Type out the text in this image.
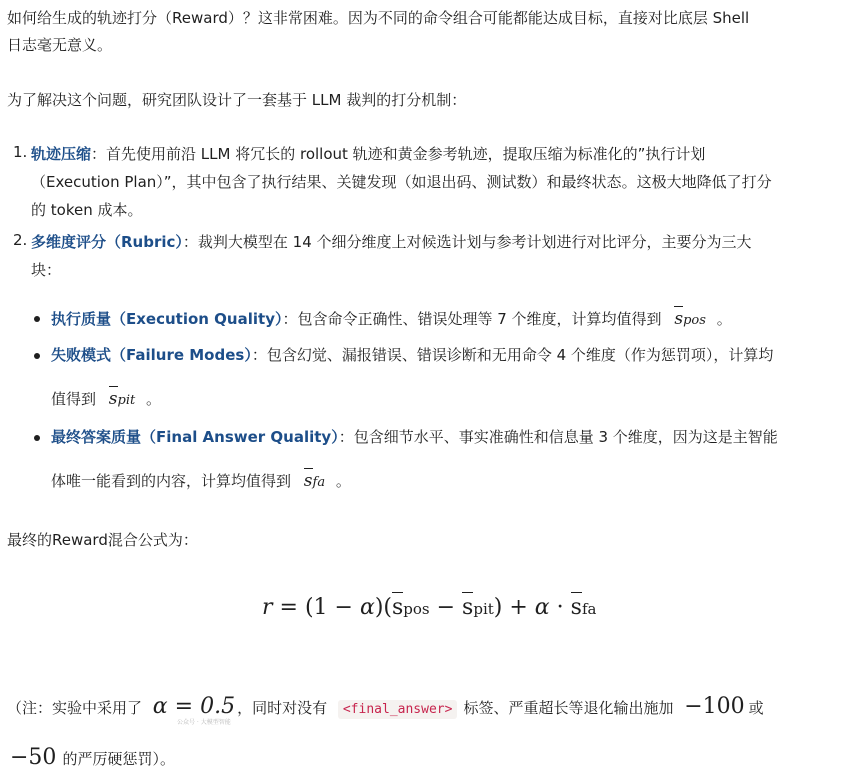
如何给生成的轨迹打分（Reward）？这非常困难。因为不同的命令组合可能都能达成目标，直接对比底层 Shell
日志毫无意义。
为了解决这个问题，研究团队设计了一套基于 LLM 裁判的打分机制：
1. 轨迹压缩：首先使用前沿 LLM 将冗长的 rollout 轨迹和黄金参考轨迹，提取压缩为标准化的”执行计划
（Execution Plan）”，其中包含了执行结果、关键发现（如退出码、测试数）和最终状态。这极大地降低了打分
的 token 成本。
2. 多维度评分（Rubric）：裁判大模型在 14 个细分维度上对候选计划与参考计划进行对比评分，主要分为三大
块：
执行质量（Execution Quality）：包含命令正确性、错误处理等 7 个维度，计算均值得到 spos 。
失败模式（Failure Modes）：包含幻觉、漏报错误、错误诊断和无用命令 4 个维度（作为惩罚项），计算均
值得到 spit 。
最终答案质量（Final Answer Quality）：包含细节水平、事实准确性和信息量 3 个维度，因为这是主智能
体唯一能看到的内容，计算均值得到 sfa 。
最终的Reward混合公式为：
r = (1 − α)(spos − spit) + α · sfa
（注：实验中采用了 α = 0.5 ，同时对没有 <final_answer> 标签、严重超长等退化输出施加 −100 或
公众号 · 大模型智能
−50 的严厉硬惩罚）。
